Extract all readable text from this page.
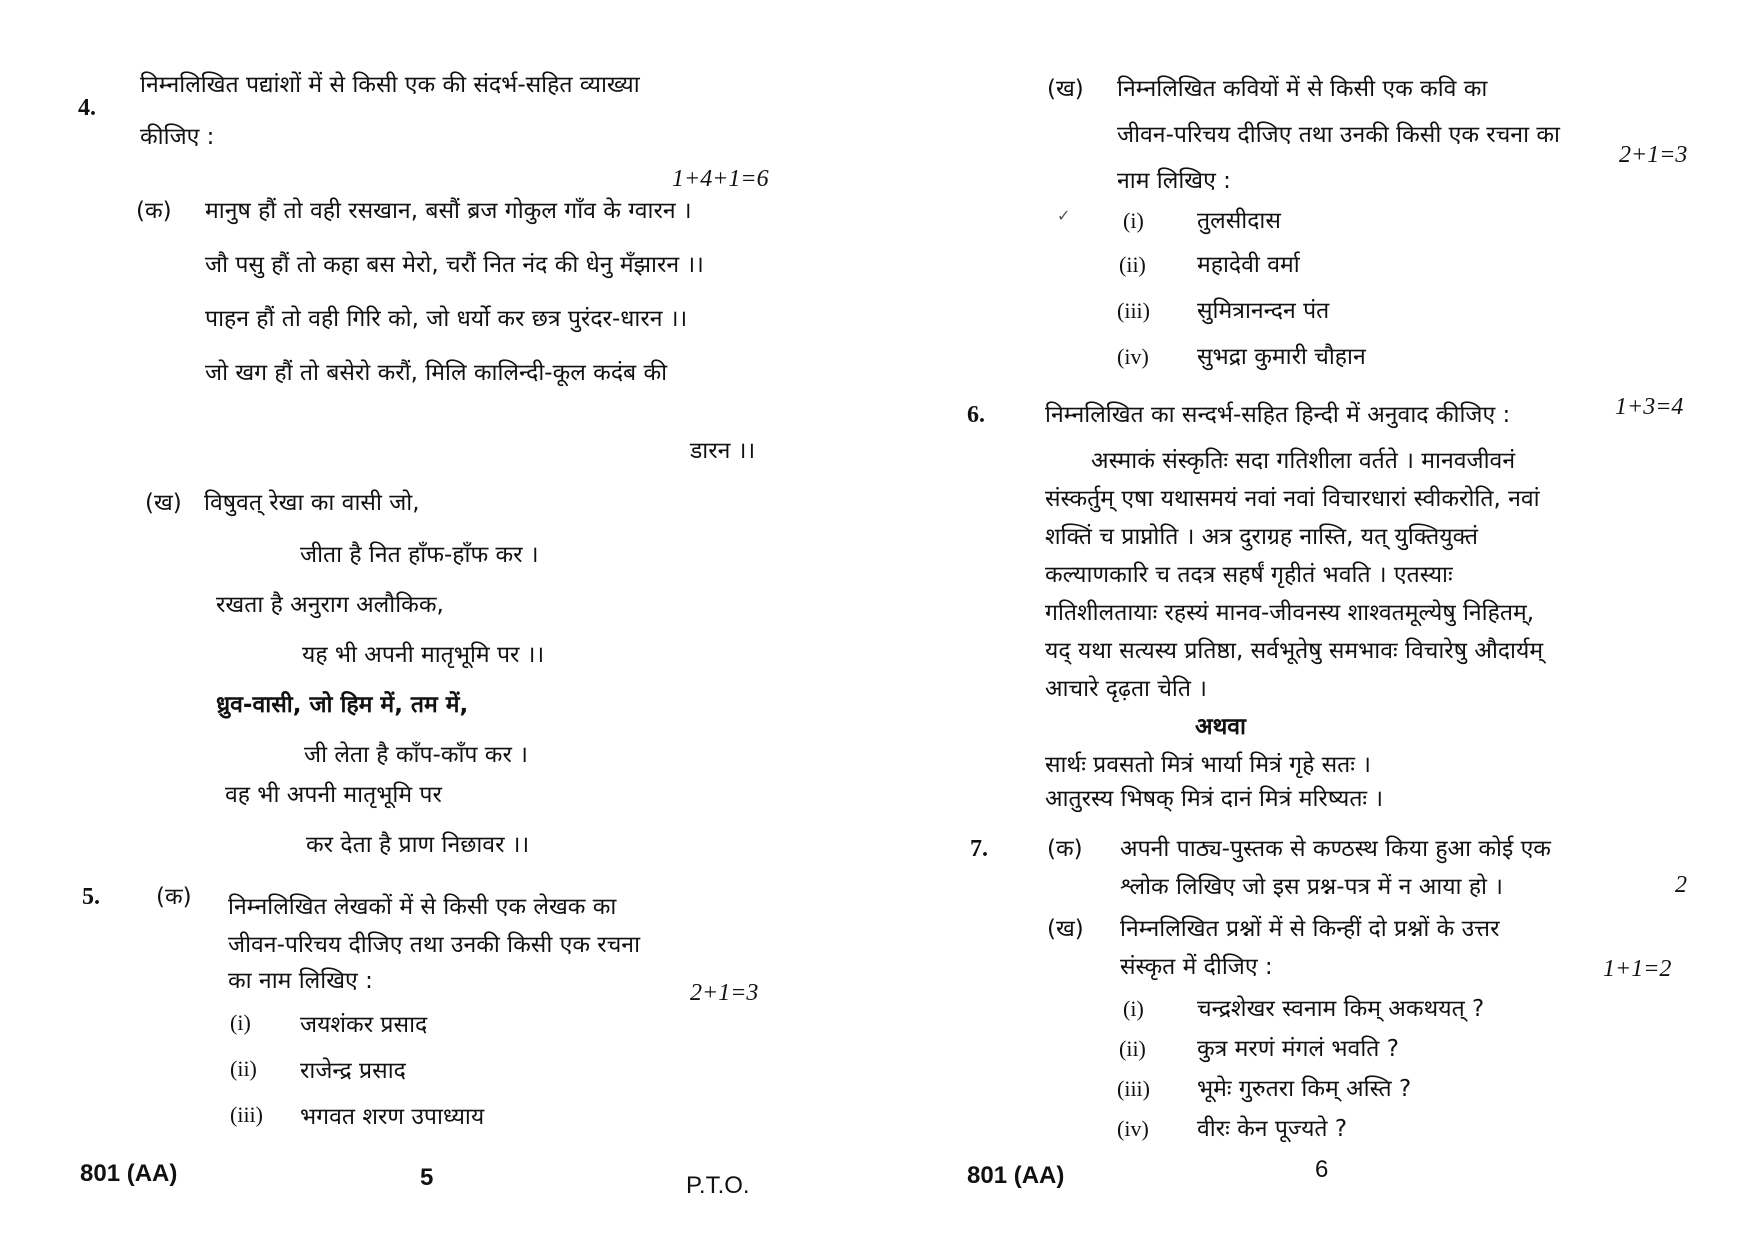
4.
निम्नलिखित पद्यांशों में से किसी एक की संदर्भ-सहित व्याख्या
कीजिए :
1+4+1=6
(क) मानुष हौं तो वही रसखान, बसौं ब्रज गोकुल गाँव के ग्वारन ।
जौ पसु हौं तो कहा बस मेरो, चरौं नित नंद की धेनु मँझारन ।।
पाहन हौं तो वही गिरि को, जो धर्यो कर छत्र पुरंदर-धारन ।।
जो खग हौं तो बसेरो करौं, मिलि कालिन्दी-कूल कदंब की
डारन ।।
(ख) विषुवत् रेखा का वासी जो,
जीता है नित हाँफ-हाँफ कर ।
रखता है अनुराग अलौकिक,
यह भी अपनी मातृभूमि पर ।।
ध्रुव-वासी, जो हिम में, तम में,
जी लेता है काँप-काँप कर ।
वह भी अपनी मातृभूमि पर
कर देता है प्राण निछावर ।।
5. (क) निम्नलिखित लेखकों में से किसी एक लेखक का
जीवन-परिचय दीजिए तथा उनकी किसी एक रचना
का नाम लिखिए :	2+1=3
(i) जयशंकर प्रसाद
(ii) राजेन्द्र प्रसाद
(iii) भगवत शरण उपाध्याय
801 (AA)	5	P.T.O.
(ख) निम्नलिखित कवियों में से किसी एक कवि का
जीवन-परिचय दीजिए तथा उनकी किसी एक रचना का
नाम लिखिए :
2+1=3
✓ (i) तुलसीदास
(ii) महादेवी वर्मा
(iii) सुमित्रानन्दन पंत
(iv) सुभद्रा कुमारी चौहान
6.	निम्नलिखित का सन्दर्भ-सहित हिन्दी में अनुवाद कीजिए :	1+3=4
अस्माकं संस्कृतिः सदा गतिशीला वर्तते । मानवजीवनं
संस्कर्तुम् एषा यथासमयं नवां नवां विचारधारां स्वीकरोति, नवां
शक्तिं च प्राप्नोति । अत्र दुराग्रह नास्ति, यत् युक्तियुक्तं
कल्याणकारि च तदत्र सहर्षं गृहीतं भवति । एतस्याः
गतिशीलतायाः रहस्यं मानव-जीवनस्य शाश्वतमूल्येषु निहितम्,
यद् यथा सत्यस्य प्रतिष्ठा, सर्वभूतेषु समभावः विचारेषु औदार्यम्
आचारे दृढ़ता चेति ।
अथवा
सार्थः प्रवसतो मित्रं भार्या मित्रं गृहे सतः ।
आतुरस्य भिषक् मित्रं दानं मित्रं मरिष्यतः ।
7.	(क) अपनी पाठ्य-पुस्तक से कण्ठस्थ किया हुआ कोई एक
श्लोक लिखिए जो इस प्रश्न-पत्र में न आया हो ।	2
(ख) निम्नलिखित प्रश्नों में से किन्हीं दो प्रश्नों के उत्तर
संस्कृत में दीजिए :	1+1=2
(i) चन्द्रशेखर स्वनाम किम् अकथयत् ?
(ii) कुत्र मरणं मंगलं भवति ?
(iii) भूमेः गुरुतरा किम् अस्ति ?
(iv) वीरः केन पूज्यते ?
801 (AA)	6
